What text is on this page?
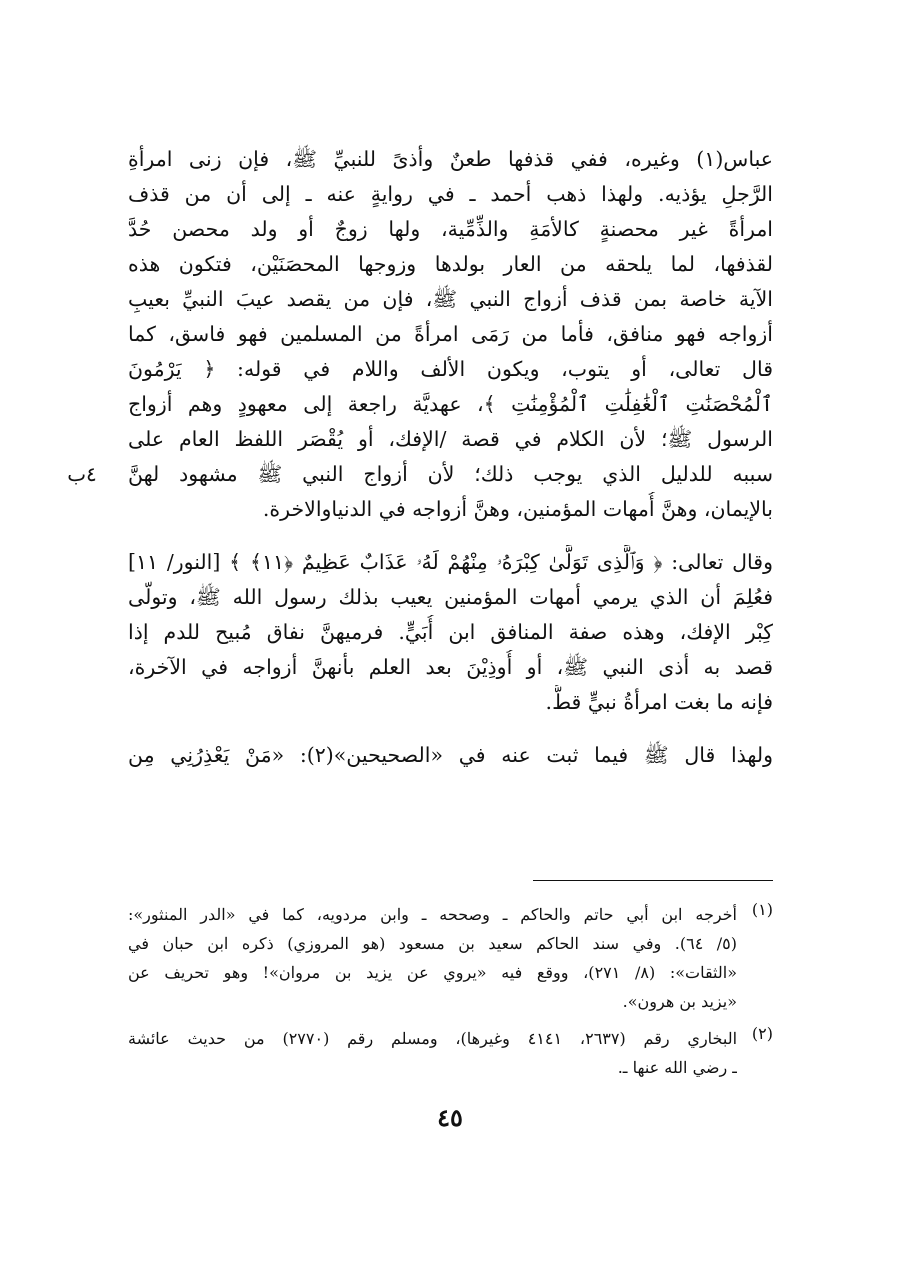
عباس(١) وغيره، ففي قذفها طعنٌ وأذىً للنبيِّ ﷺ، فإن زنى امرأةِ
الرَّجلِ يؤذيه. ولهذا ذهب أحمد ـ في روايةٍ عنه ـ إلى أن من قذف
امرأةً غير محصنةٍ كالأمَةِ والذِّمِّية، ولها زوجٌ أو ولد محصن حُدَّ
لقذفها، لما يلحقه من العار بولدها وزوجها المحصَنَيْن، فتكون هذه
الآية خاصة بمن قذف أزواج النبي ﷺ، فإن من يقصد عيبَ النبيِّ بعيبِ
أزواجه فهو منافق، فأما من رَمَى امرأةً من المسلمين فهو فاسق، كما
قال تعالى، أو يتوب، ويكون الألف واللام في قوله: ﴿ يَرْمُونَ
ٱلْمُحْصَنَٰتِ ٱلْغَٰفِلَٰتِ ٱلْمُؤْمِنَٰتِ ﴾، عهديَّة راجعة إلى معهودٍ وهم أزواج
الرسول ﷺ؛ لأن الكلام في قصة /الإفك، أو يُقْصَر اللفظ العام على
سببه للدليل الذي يوجب ذلك؛ لأن أزواج النبي ﷺ مشهود لهنَّ
بالإيمان، وهنَّ أُمهات المؤمنين، وهنَّ أزواجه في الدنياوالاخرة.
وقال تعالى: ﴿ وَٱلَّذِى تَوَلَّىٰ كِبْرَهُۥ مِنْهُمْ لَهُۥ عَذَابٌ عَظِيمٌ ﴿١١﴾ ﴾ [النور/ ١١]
فعُلِمَ أن الذي يرمي أمهات المؤمنين يعيب بذلك رسول الله ﷺ، وتولّى
كِبْر الإفك، وهذه صفة المنافق ابن أُبَيٍّ. فرميهنَّ نفاق مُبيح للدم إذا
قصد به أذى النبي ﷺ، أو أُوذِيْنَ بعد العلم بأنهنَّ أزواجه في الآخرة،
فإنه ما بغت امرأةُ نبيٍّ قطُّ.
ولهذا قال ﷺ فيما ثبت عنه في «الصحيحين»(٢): «مَنْ يَعْذِرُنِي مِن
٤ب
(١)
أخرجه ابن أبي حاتم والحاكم ـ وصححه ـ وابن مردويه، كما في «الدر المنثور»:
(٥/ ٦٤). وفي سند الحاكم سعيد بن مسعود (هو المروزي) ذكره ابن حبان في
«الثقات»: (٨/ ٢٧١)، ووقع فيه «يروي عن يزيد بن مروان»! وهو تحريف عن
«يزيد بن هرون».
(٢)
البخاري رقم (٢٦٣٧، ٤١٤١ وغيرها)، ومسلم رقم (٢٧٧٠) من حديث عائشة
ـ رضي الله عنها ـ.
٤٥
